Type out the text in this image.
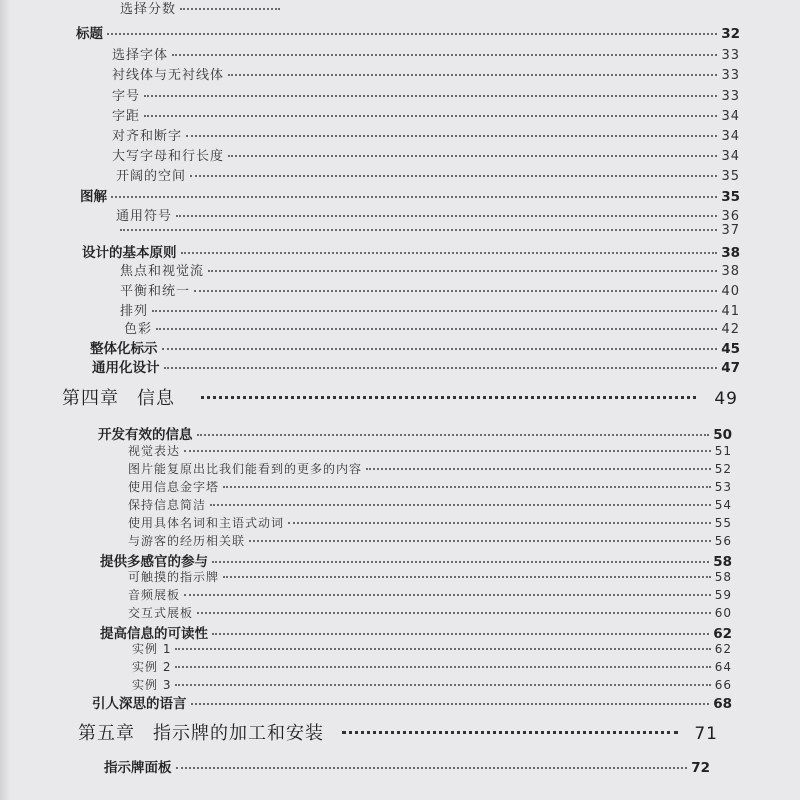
选择分数
标题	32
选择字体	33
衬线体与无衬线体	33
字号	33
字距	34
对齐和断字	34
大写字母和行长度	34
开阔的空间	35
图解	35
通用符号	36
37
设计的基本原则	38
焦点和视觉流	38
平衡和统一	40
排列	41
色彩	42
整体化标示	45
通用化设计	47
第四章 信息	49
开发有效的信息	50
视觉表达	51
图片能复原出比我们能看到的更多的内容	52
使用信息金字塔	53
保持信息简洁	54
使用具体名词和主语式动词	55
与游客的经历相关联	56
提供多感官的参与	58
可触摸的指示牌	58
音频展板	59
交互式展板	60
提高信息的可读性	62
实例 1	62
实例 2	64
实例 3	66
引人深思的语言	68
第五章 指示牌的加工和安装	71
指示牌面板	72
